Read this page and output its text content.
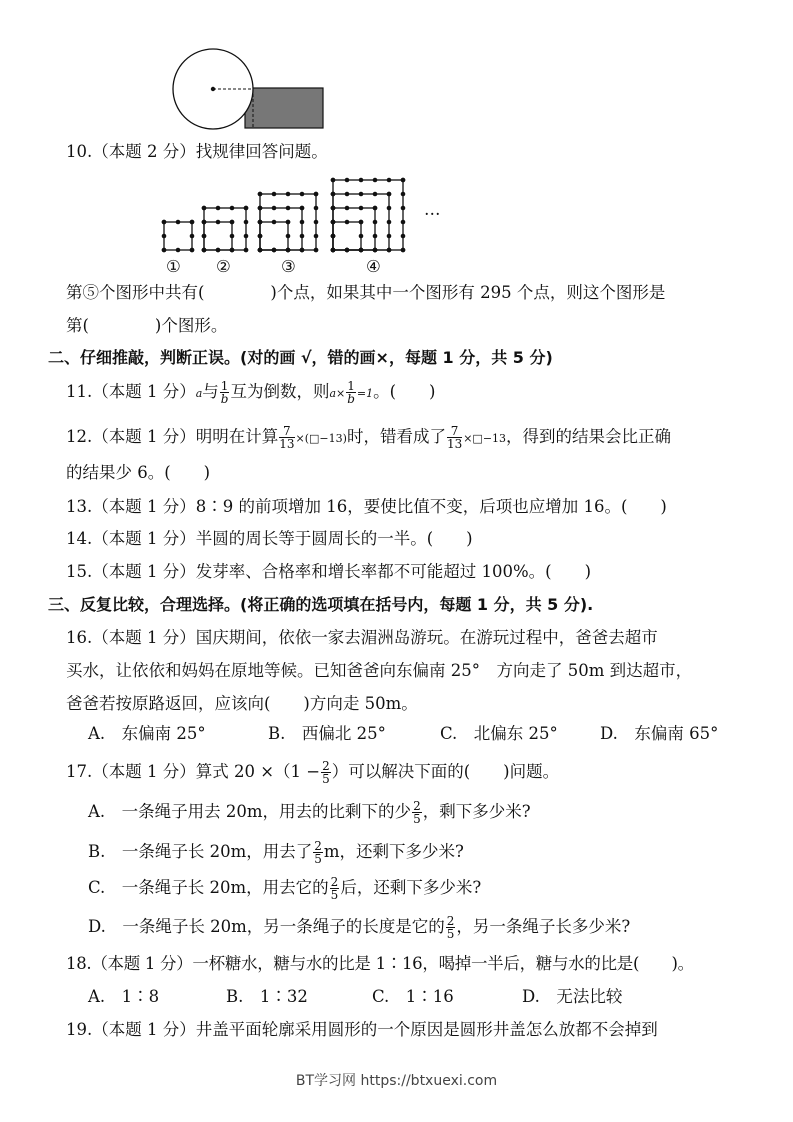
10.（本题 2 分）找规律回答问题。
① ②	③	④
…
第⑤个图形中共有(　　　　)个点，如果其中一个图形有 295 个点，则这个图形是
第(　　　　)个图形。
二、仔细推敲，判断正误。(对的画 √，错的画×，每题 1 分，共 5 分)
11.（本题 1 分）a与 $\frac{1}{b}$ 互为倒数，则$a\times \frac{1}{b} =1$。(　　)
12.（本题 1 分）明明在计算 $\frac{7}{13}$ ×(□−13)时，错看成了 $\frac{7}{13}$ ×□−13，得到的结果会比正确
的结果少 6。(　　)
13.（本题 1 分）8∶9 的前项增加 16，要使比值不变，后项也应增加 16。(　　)
14.（本题 1 分）半圆的周长等于圆周长的一半。(　　)
15.（本题 1 分）发芽率、合格率和增长率都不可能超过 100%。(　　)
三、反复比较，合理选择。(将正确的选项填在括号内，每题 1 分，共 5 分).
16.（本题 1 分）国庆期间，依依一家去湄洲岛游玩。在游玩过程中，爸爸去超市
买水，让依依和妈妈在原地等候。已知爸爸向东偏南 25°　方向走了 50m 到达超市，
爸爸若按原路返回，应该向(　　)方向走 50m。
A.　东偏南 25°	B.　西偏北 25°	C.　北偏东 25°	D.　东偏南 65°
17.（本题 1 分）算式 $20 \times(1 - \frac{2}{5}$ ）可以解决下面的(　　)问题。
A.　一条绳子用去 20m，用去的比剩下的少 $\frac{2}{5}$ ，剩下多少米?
B.　一条绳子长 20m，用去了 $\frac{2}{5}$ m，还剩下多少米?
C.　一条绳子长 20m，用去它的 $\frac{2}{5}$ 后，还剩下多少米?
D.　一条绳子长 20m，另一条绳子的长度是它的 $\frac{2}{5}$ ，另一条绳子长多少米?
18.（本题 1 分）一杯糖水，糖与水的比是 1∶16，喝掉一半后，糖与水的比是(　　)。
A.　1∶8	B.　1∶32	C.　1∶16	D.　无法比较
19.（本题 1 分）井盖平面轮廓采用圆形的一个原因是圆形井盖怎么放都不会掉到
BT学习网 https://btxuexi.com
